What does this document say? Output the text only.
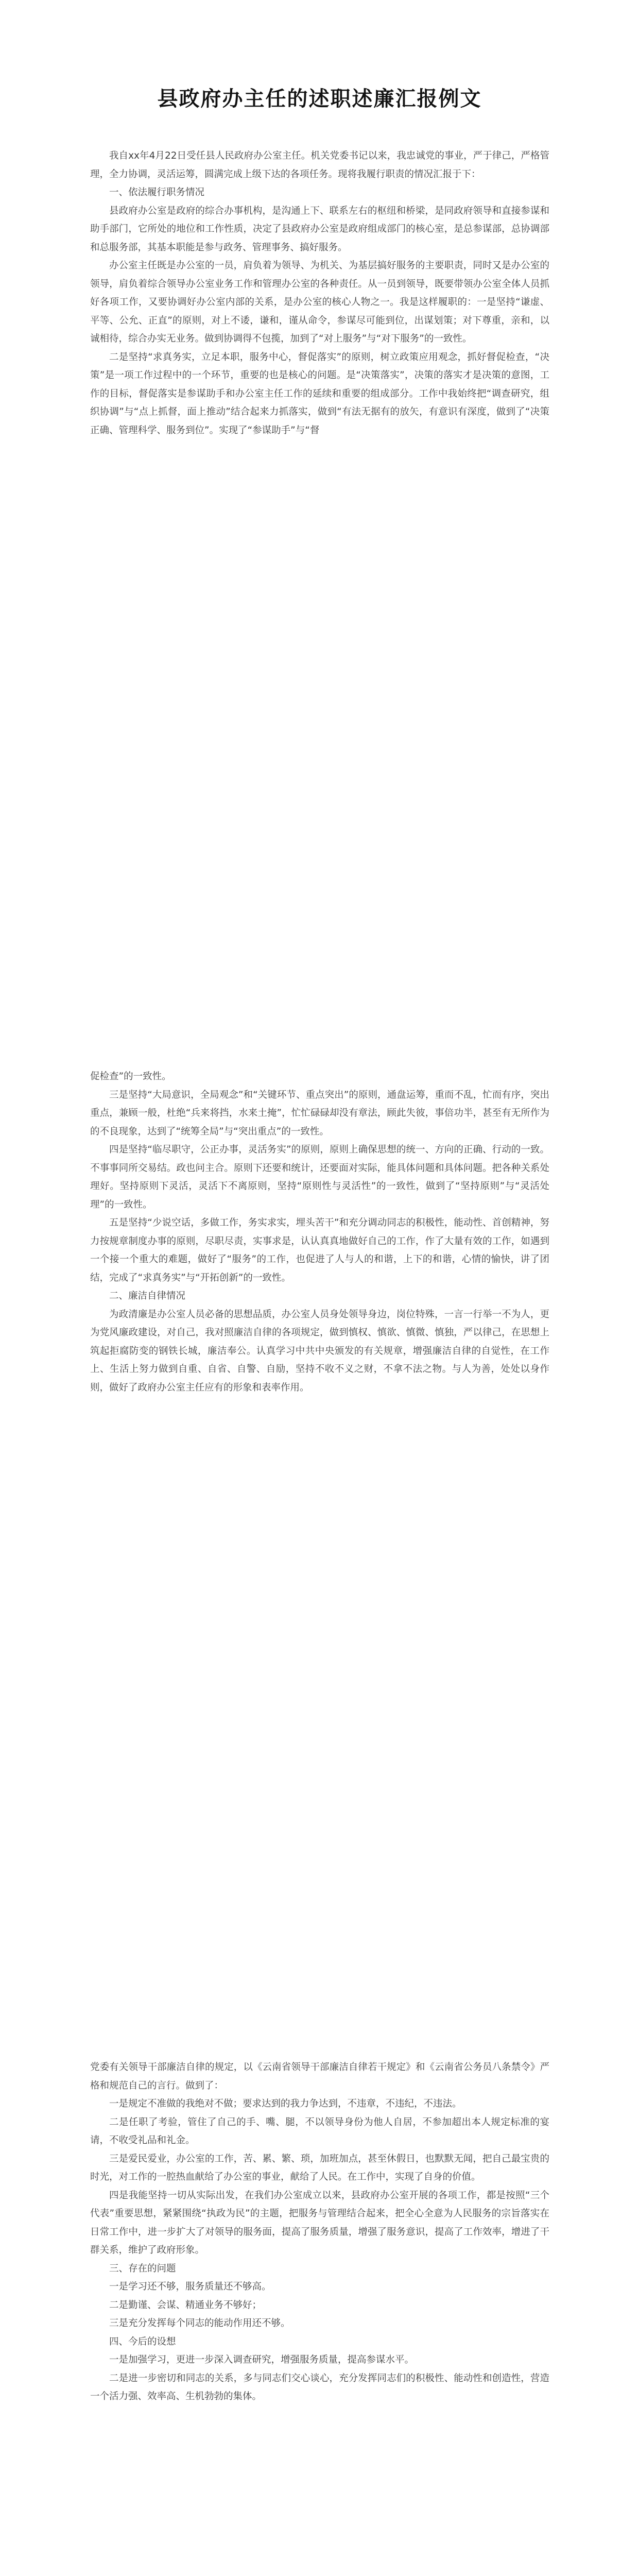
县政府办主任的述职述廉汇报例文

我自xx年4月22日受任县人民政府办公室主任。机关党委书记以来，我忠诚党的事业，严于律己，严格管理，全力协调，灵活运筹，圆满完成上级下达的各项任务。现将我履行职责的情况汇报于下：

一、依法履行职务情况

县政府办公室是政府的综合办事机构，是沟通上下、联系左右的枢纽和桥梁，是同政府领导和直接参谋和助手部门，它所处的地位和工作性质，决定了县政府办公室是政府组成部门的核心室，是总参谋部，总协调部和总服务部，其基本职能是参与政务、管理事务、搞好服务。

办公室主任既是办公室的一员，肩负着为领导、为机关、为基层搞好服务的主要职责，同时又是办公室的领导，肩负着综合领导办公室业务工作和管理办公室的各种责任。从一员到领导，既要带领办公室全体人员抓好各项工作，又要协调好办公室内部的关系，是办公室的核心人物之一。我是这样履职的：一是坚持“谦虚、平等、公允、正直”的原则，对上不诿，谦和，谨从命令，参谋尽可能到位，出谋划策；对下尊重，亲和，以诚相待，综合办实无业务。做到协调得不包揽，加到了“对上服务”与“对下服务”的一致性。

二是坚持“求真务实，立足本职，服务中心，督促落实”的原则，树立政策应用观念，抓好督促检查，“决策”是一项工作过程中的一个环节，重要的也是核心的问题。是“决策落实”，决策的落实才是决策的意图，工作的目标，督促落实是参谋助手和办公室主任工作的延续和重要的组成部分。工作中我始终把“调查研究，组织协调”与“点上抓督，面上推动”结合起来力抓落实，做到“有法无据有的放矢，有意识有深度，做到了“决策正确、管理科学、服务到位”。实现了“参谋助手”与“督

促检查”的一致性。

三是坚持“大局意识，全局观念”和“关键环节、重点突出”的原则，通盘运筹，重而不乱，忙而有序，突出重点，兼顾一般，杜绝“兵来将挡，水来土掩”，忙忙碌碌却没有章法，顾此失彼，事倍功半，甚至有无所作为的不良现象，达到了“统筹全局”与“突出重点”的一致性。

四是坚持“临尽职守，公正办事，灵活务实”的原则，原则上确保思想的统一、方向的正确、行动的一致。不事事同所交易结。政也问主合。原则下还要和统计，还要面对实际，能具体问题和具体问题。把各种关系处理好。坚持原则下灵活，灵活下不离原则，坚持“原则性与灵活性”的一致性，做到了“坚持原则”与“灵活处理”的一致性。

五是坚持“少说空话，多做工作，务实求实，埋头苦干”和充分调动同志的积极性，能动性、首创精神，努力按规章制度办事的原则，尽职尽责，实事求是，认认真真地做好自己的工作，作了大量有效的工作，如遇到一个接一个重大的难题，做好了“服务”的工作，也促进了人与人的和谐，上下的和谐，心情的愉快，讲了团结，完成了“求真务实”与“开拓创新”的一致性。

二、廉洁自律情况

为政清廉是办公室人员必备的思想品质，办公室人员身处领导身边，岗位特殊，一言一行举一不为人，更为党风廉政建设，对自己，我对照廉洁自律的各项规定，做到慎权、慎欲、慎微、慎独，严以律己，在思想上筑起拒腐防变的钢铁长城，廉洁奉公。认真学习中共中央颁发的有关规章，增强廉洁自律的自觉性，在工作上、生活上努力做到自重、自省、自警、自励，坚持不收不义之财，不拿不法之物。与人为善，处处以身作则，做好了政府办公室主任应有的形象和表率作用。

党委有关领导干部廉洁自律的规定，以《云南省领导干部廉洁自律若干规定》和《云南省公务员八条禁令》严格和规范自己的言行。做到了：

一是规定不准做的我绝对不做；要求达到的我力争达到，不违章，不违纪，不违法。

二是任职了考验，管住了自己的手、嘴、腿，不以领导身份为他人自居，不参加超出本人规定标准的宴请，不收受礼品和礼金。

三是爱民爱业，办公室的工作，苦、累、繁、琐，加班加点，甚至休假日，也默默无闻，把自己最宝贵的时光，对工作的一腔热血献给了办公室的事业，献给了人民。在工作中，实现了自身的价值。

四是我能坚持一切从实际出发，在我们办公室成立以来，县政府办公室开展的各项工作，都是按照“三个代表”重要思想，紧紧围绕“执政为民”的主题，把服务与管理结合起来，把全心全意为人民服务的宗旨落实在日常工作中，进一步扩大了对领导的服务面，提高了服务质量，增强了服务意识，提高了工作效率，增进了干群关系，维护了政府形象。

三、存在的问题

一是学习还不够，服务质量还不够高。

二是勤谨、会谋、精通业务不够好；

三是充分发挥每个同志的能动作用还不够。

四、今后的设想

一是加强学习，更进一步深入调查研究，增强服务质量，提高参谋水平。

二是进一步密切和同志的关系，多与同志们交心谈心，充分发挥同志们的积极性、能动性和创造性，营造一个活力强、效率高、生机勃勃的集体。
